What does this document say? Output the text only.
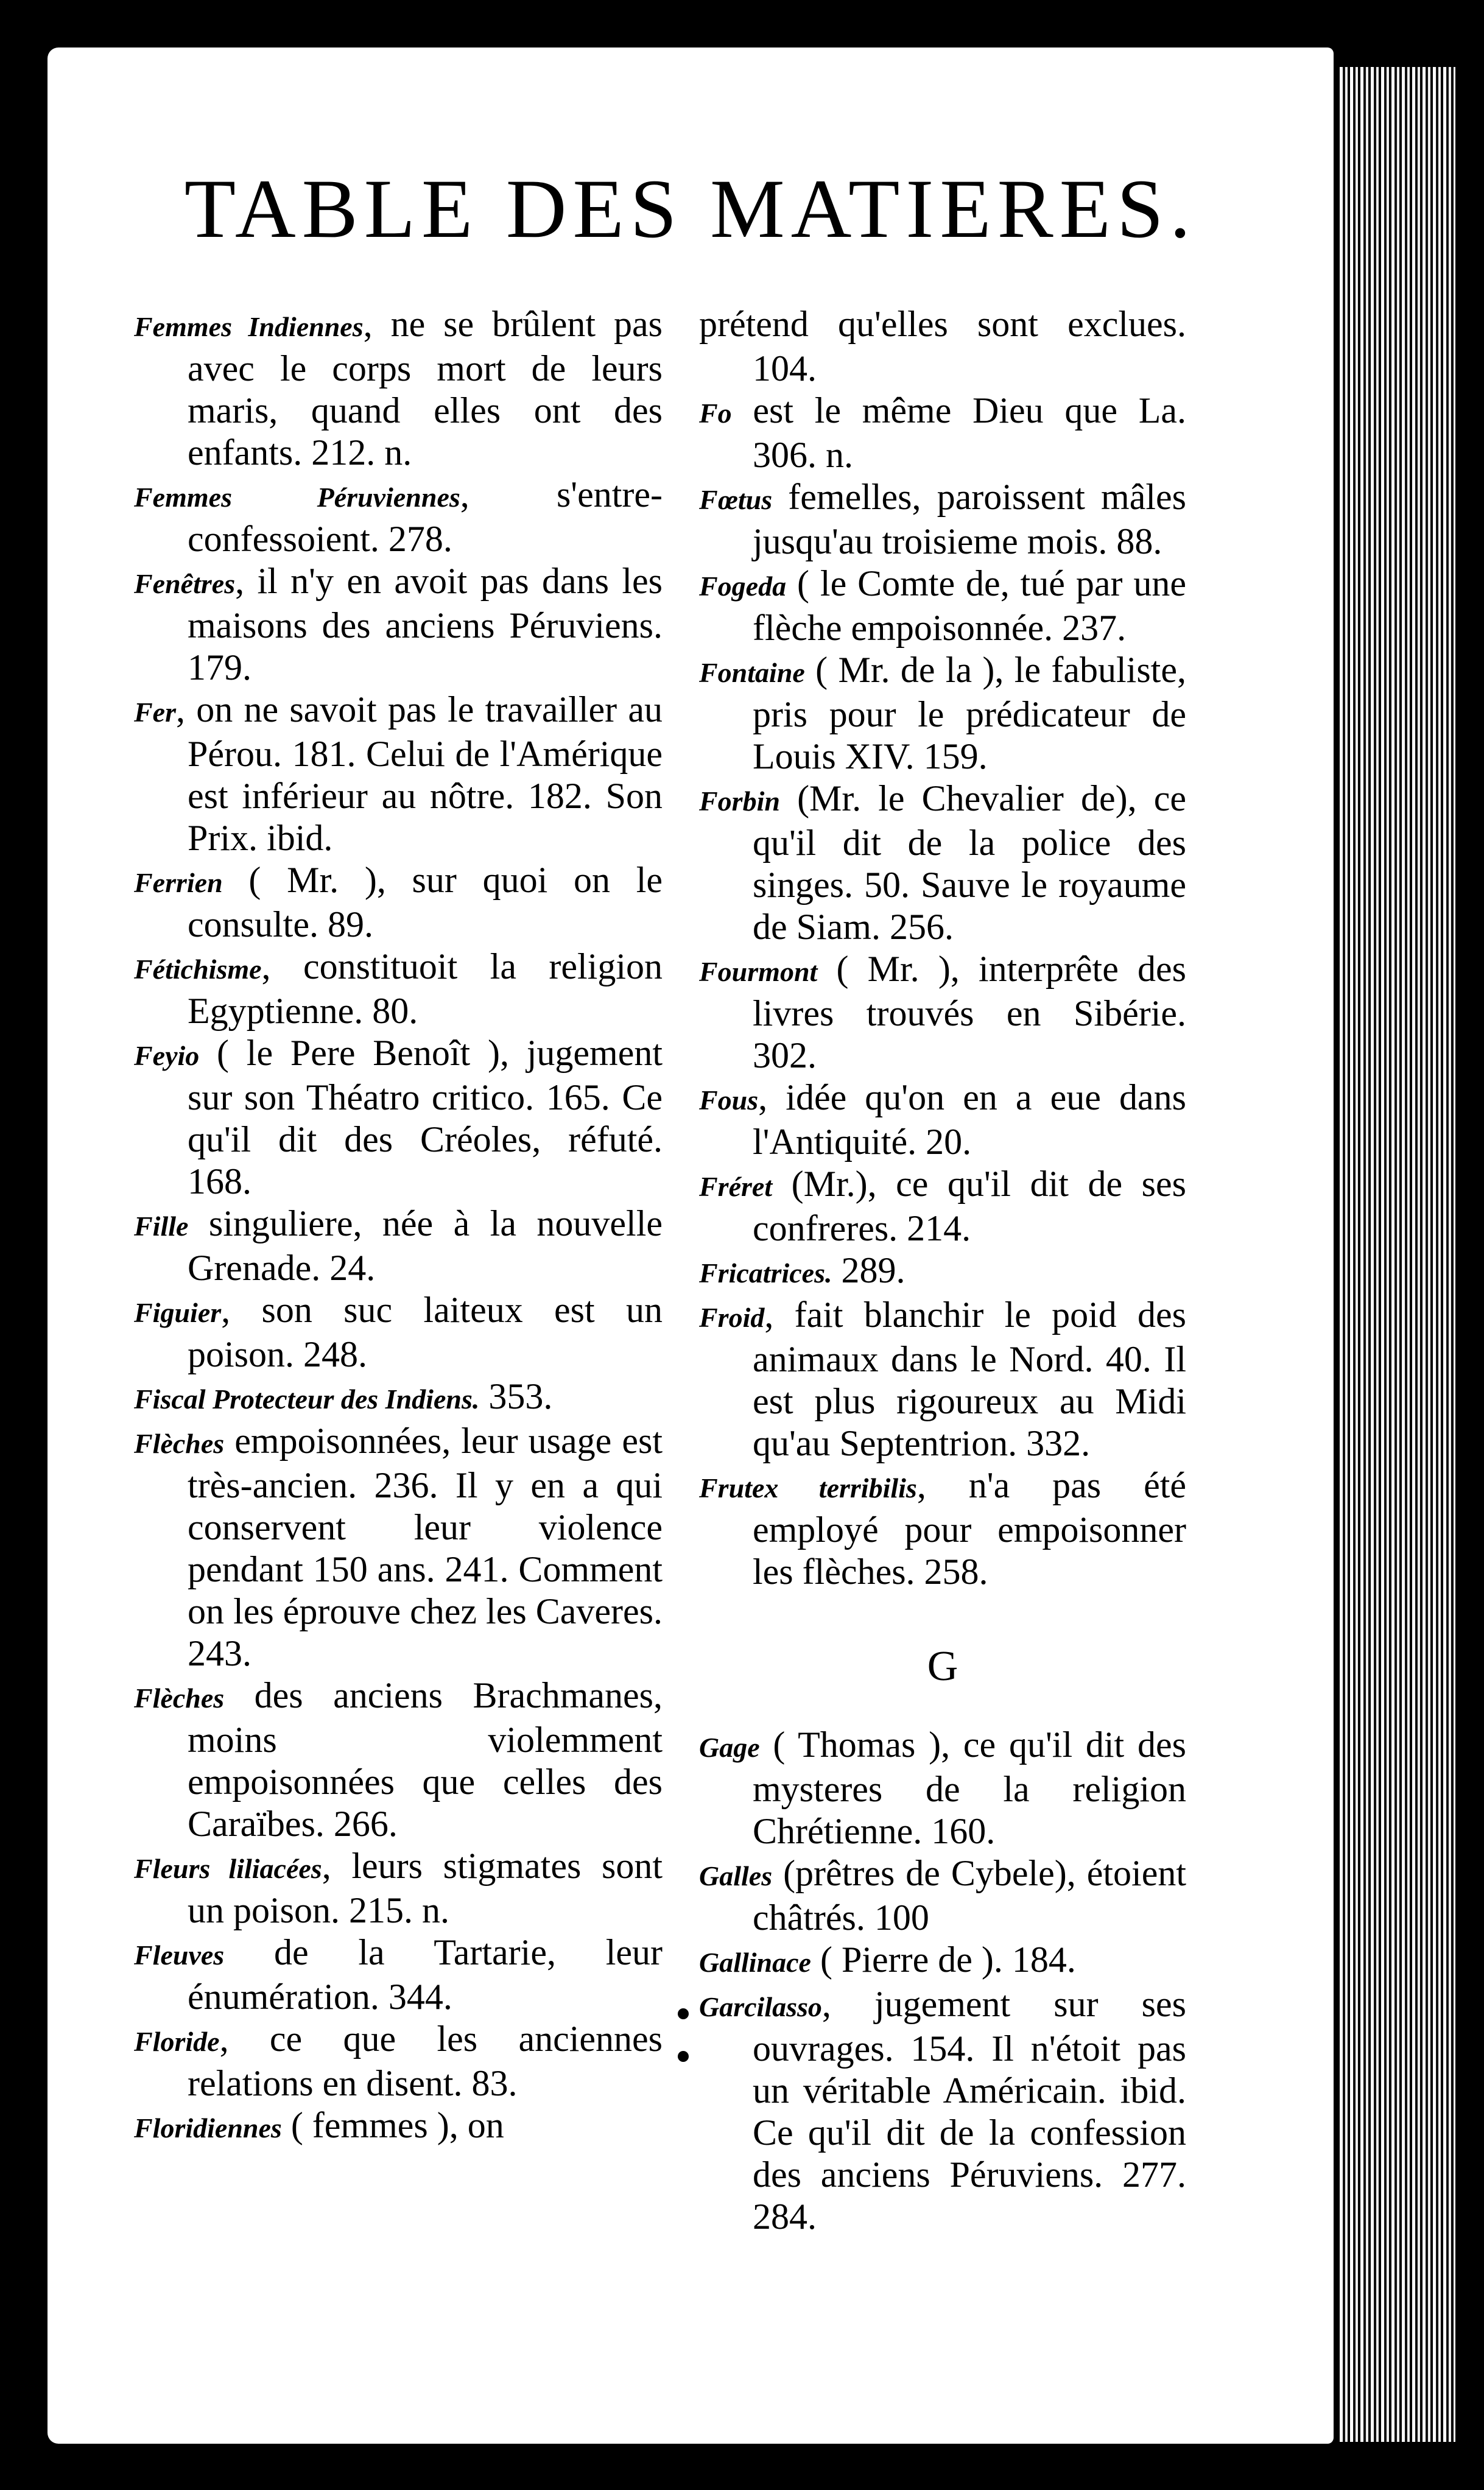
TABLE DES MATIERES.

Femmes Indiennes, ne se brûlent pas avec le corps mort de leurs maris, quand elles ont des enfants. 212. n.

Femmes Péruviennes, s'entre-confessoient. 278.

Fenêtres, il n'y en avoit pas dans les maisons des anciens Péruviens. 179.

Fer, on ne savoit pas le travailler au Pérou. 181. Celui de l'Amérique est inférieur au nôtre. 182. Son Prix. ibid.

Ferrien ( Mr. ), sur quoi on le consulte. 89.

Fétichisme, constituoit la religion Egyptienne. 80.

Feyio ( le Pere Benoît ), jugement sur son Théatro critico. 165. Ce qu'il dit des Créoles, réfuté. 168.

Fille singuliere, née à la nouvelle Grenade. 24.

Figuier, son suc laiteux est un poison. 248.

Fiscal Protecteur des Indiens. 353.

Flèches empoisonnées, leur usage est très-ancien. 236. Il y en a qui conservent leur violence pendant 150 ans. 241. Comment on les éprouve chez les Caveres. 243.

Flèches des anciens Brachmanes, moins violemment empoisonnées que celles des Caraïbes. 266.

Fleurs liliacées, leurs stigmates sont un poison. 215. n.

Fleuves de la Tartarie, leur énumération. 344.

Floride, ce que les anciennes relations en disent. 83.

Floridiennes ( femmes ), on

prétend qu'elles sont exclues. 104.

Fo est le même Dieu que La. 306. n.

Fœtus femelles, paroissent mâles jusqu'au troisieme mois. 88.

Fogeda ( le Comte de, tué par une flèche empoisonnée. 237.

Fontaine ( Mr. de la ), le fabuliste, pris pour le prédicateur de Louis XIV. 159.

Forbin (Mr. le Chevalier de), ce qu'il dit de la police des singes. 50. Sauve le royaume de Siam. 256.

Fourmont ( Mr. ), interprête des livres trouvés en Sibérie. 302.

Fous, idée qu'on en a eue dans l'Antiquité. 20.

Fréret (Mr.), ce qu'il dit de ses confreres. 214.

Fricatrices. 289.

Froid, fait blanchir le poid des animaux dans le Nord. 40. Il est plus rigoureux au Midi qu'au Septentrion. 332.

Frutex terribilis, n'a pas été employé pour empoisonner les flèches. 258.

G

Gage ( Thomas ), ce qu'il dit des mysteres de la religion Chrétienne. 160.

Galles (prêtres de Cybele), étoient châtrés. 100

Gallinace ( Pierre de ). 184.

Garcilasso, jugement sur ses ouvrages. 154. Il n'étoit pas un véritable Américain. ibid. Ce qu'il dit de la confession des anciens Péruviens. 277. 284.
